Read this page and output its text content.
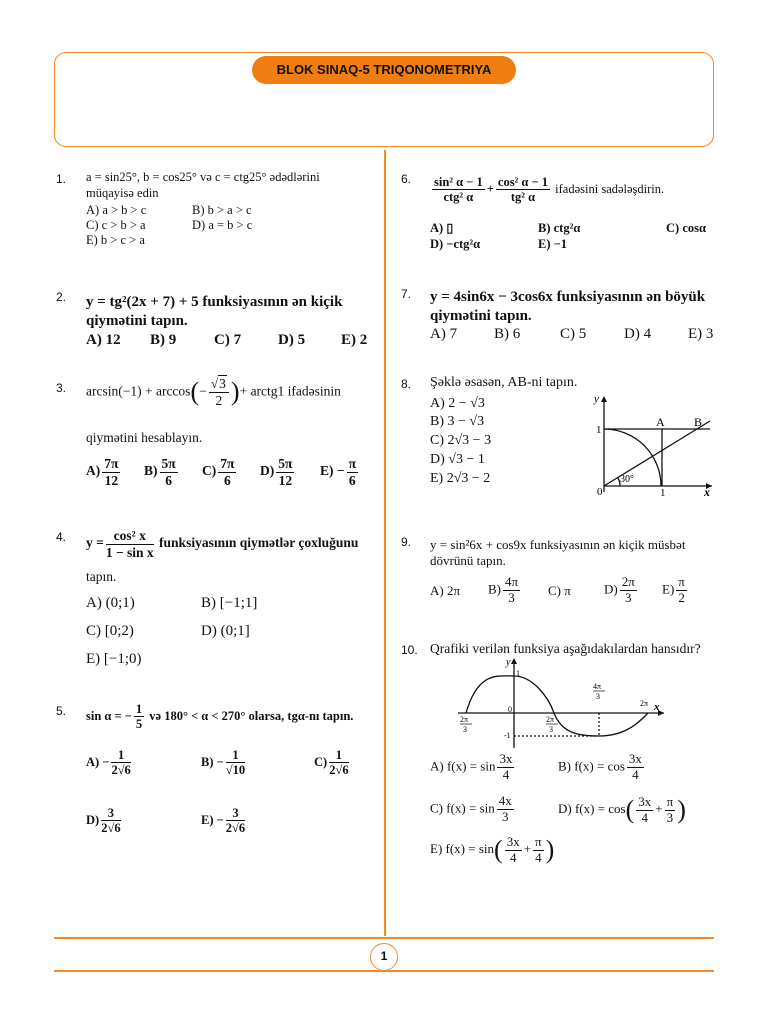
BLOK SINAQ-5 TRIQONOMETRIYA
1
1. a = sin25°, b = cos25° və c = ctg25° ədədlərini
müqayisə edin
A) a > b > c	B) b > a > c
C) c > b > a	D) a = b > c
E) b > c > a
2. y = tg²(2x + 7) + 5 funksiyasının ən kiçik
qiymətini tapın.
A) 12 B) 9	C) 7 D) 5 E) 2
3. $\arcsin(-1) + \arccos(- \frac{√3}{2}$ )+ arctg1 ifadəsinin
qiymətini hesablayın.
$A) \frac{7\pi}{12} B) \frac{5\pi}{6} C) \frac{7\pi}{6} D) \frac{5\pi}{12} E) - \frac{\pi}{6}$
4. $y = \frac{\text{cos² x}}{\text{1 − sin x}}$ funksiyasının qiymətlər çoxluğunu
tapın.
A) (0;1)	B) [−1;1]
C) [0;2)	D) (0;1]
E) [−1;0)
5. sin α = − $\frac{1}{5}$ və 180° < α < 270° olarsa, tgα-nı tapın.
$A) - \frac{1}{2√6}$	$B) - \frac{1}{√10}$	$C) \frac{1}{2√6}$
$D) \frac{3}{2√6}$	$E) - \frac{3}{2√6}$
6. $\frac{\text{sin² α − 1}}{\text{ctg² α}} + \frac{\text{cos² α − 1}}{\text{tg² α}}$ ifadəsini sadələşdirin.
A) ▯	B) ctg²α	C) cosα
D) −ctg²α	E) −1
7. y = 4sin6x − 3cos6x funksiyasının ən böyük
qiymətini tapın.
A) 7 B) 6	C) 5	D) 4 E) 3
8. Şəklə əsasən, AB-ni tapın.
A) 2 − √3
B) 3 − √3
C) 2√3 − 3
D) √3 − 1
E) 2√3 − 2
y
x
A B
1
0	1
30°
9. y = sin²6x + cos9x funksiyasının ən kiçik müsbət
dövrünü tapın.
A) 2π $B) \frac{4\pi}{3} C$) π	$D) \frac{2\pi}{3} E) \frac{\pi}{2}$
10. Qrafiki verilən funksiya aşağıdakılardan hansıdır?
y
x
1
-1
0
2π
3
2π
3
4π
3
2π
A) $f(x) = \sin \frac{3x}{4}$	B) $f(x) = \cos \frac{3x}{4}$
C) $f(x) = \sin \frac{4x}{3}$	D) $f(x) = \cos( \frac{3x}{4} + \frac{\pi}{3}$ )
E) $f(x) = \sin( \frac{3x}{4} + \frac{\pi}{4}$ )
